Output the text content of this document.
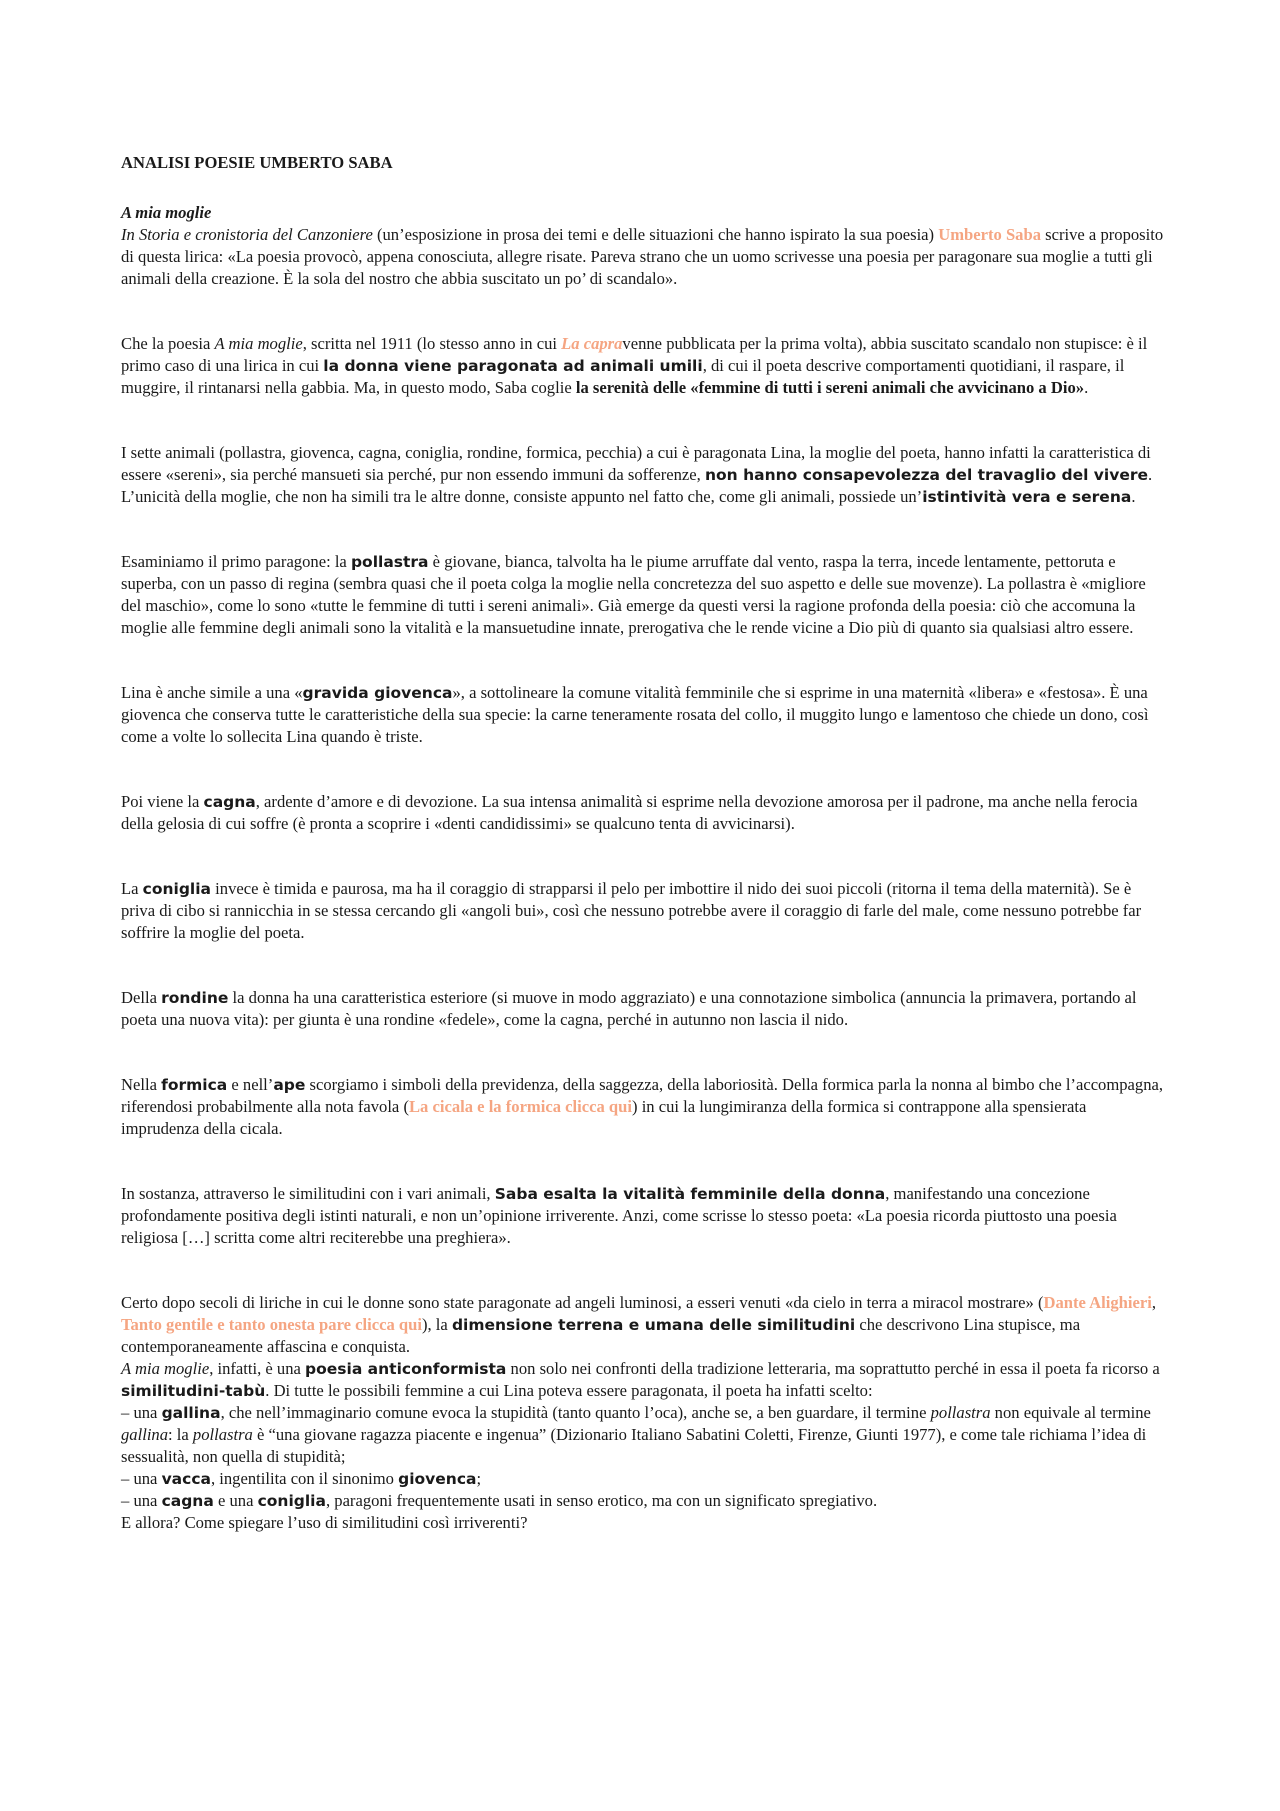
ANALISI POESIE UMBERTO SABA

A mia moglie

In Storia e cronistoria del Canzoniere (un’esposizione in prosa dei temi e delle situazioni che hanno ispirato la sua poesia) Umberto Saba scrive a proposito di questa lirica: «La poesia provocò, appena conosciuta, allegre risate. Pareva strano che un uomo scrivesse una poesia per paragonare sua moglie a tutti gli animali della creazione. È la sola del nostro che abbia suscitato un po’ di scandalo».

Che la poesia A mia moglie, scritta nel 1911 (lo stesso anno in cui La capravenne pubblicata per la prima volta), abbia suscitato scandalo non stupisce: è il primo caso di una lirica in cui la donna viene paragonata ad animali umili, di cui il poeta descrive comportamenti quotidiani, il raspare, il muggire, il rintanarsi nella gabbia. Ma, in questo modo, Saba coglie la serenità delle «femmine di tutti i sereni animali che avvicinano a Dio».

I sette animali (pollastra, giovenca, cagna, coniglia, rondine, formica, pecchia) a cui è paragonata Lina, la moglie del poeta, hanno infatti la caratteristica di essere «sereni», sia perché mansueti sia perché, pur non essendo immuni da sofferenze, non hanno consapevolezza del travaglio del vivere. L’unicità della moglie, che non ha simili tra le altre donne, consiste appunto nel fatto che, come gli animali, possiede un’istintività vera e serena.

Esaminiamo il primo paragone: la pollastra è giovane, bianca, talvolta ha le piume arruffate dal vento, raspa la terra, incede lentamente, pettoruta e superba, con un passo di regina (sembra quasi che il poeta colga la moglie nella concretezza del suo aspetto e delle sue movenze). La pollastra è «migliore del maschio», come lo sono «tutte le femmine di tutti i sereni animali». Già emerge da questi versi la ragione profonda della poesia: ciò che accomuna la moglie alle femmine degli animali sono la vitalità e la mansuetudine innate, prerogativa che le rende vicine a Dio più di quanto sia qualsiasi altro essere.

Lina è anche simile a una «gravida giovenca», a sottolineare la comune vitalità femminile che si esprime in una maternità «libera» e «festosa». È una giovenca che conserva tutte le caratteristiche della sua specie: la carne teneramente rosata del collo, il muggito lungo e lamentoso che chiede un dono, così come a volte lo sollecita Lina quando è triste.

Poi viene la cagna, ardente d’amore e di devozione. La sua intensa animalità si esprime nella devozione amorosa per il padrone, ma anche nella ferocia della gelosia di cui soffre (è pronta a scoprire i «denti candidissimi» se qualcuno tenta di avvicinarsi).

La coniglia invece è timida e paurosa, ma ha il coraggio di strapparsi il pelo per imbottire il nido dei suoi piccoli (ritorna il tema della maternità). Se è priva di cibo si rannicchia in se stessa cercando gli «angoli bui», così che nessuno potrebbe avere il coraggio di farle del male, come nessuno potrebbe far soffrire la moglie del poeta.

Della rondine la donna ha una caratteristica esteriore (si muove in modo aggraziato) e una connotazione simbolica (annuncia la primavera, portando al poeta una nuova vita): per giunta è una rondine «fedele», come la cagna, perché in autunno non lascia il nido.

Nella formica e nell’ape scorgiamo i simboli della previdenza, della saggezza, della laboriosità. Della formica parla la nonna al bimbo che l’accompagna, riferendosi probabilmente alla nota favola (La cicala e la formica clicca qui) in cui la lungimiranza della formica si contrappone alla spensierata imprudenza della cicala.

In sostanza, attraverso le similitudini con i vari animali, Saba esalta la vitalità femminile della donna, manifestando una concezione profondamente positiva degli istinti naturali, e non un’opinione irriverente. Anzi, come scrisse lo stesso poeta: «La poesia ricorda piuttosto una poesia religiosa […] scritta come altri reciterebbe una preghiera».

Certo dopo secoli di liriche in cui le donne sono state paragonate ad angeli luminosi, a esseri venuti «da cielo in terra a miracol mostrare» (Dante Alighieri, Tanto gentile e tanto onesta pare clicca qui), la dimensione terrena e umana delle similitudini che descrivono Lina stupisce, ma contemporaneamente affascina e conquista.

A mia moglie, infatti, è una poesia anticonformista non solo nei confronti della tradizione letteraria, ma soprattutto perché in essa il poeta fa ricorso a similitudini-tabù. Di tutte le possibili femmine a cui Lina poteva essere paragonata, il poeta ha infatti scelto:

– una gallina, che nell’immaginario comune evoca la stupidità (tanto quanto l’oca), anche se, a ben guardare, il termine pollastra non equivale al termine gallina: la pollastra è “una giovane ragazza piacente e ingenua” (Dizionario Italiano Sabatini Coletti, Firenze, Giunti 1977), e come tale richiama l’idea di sessualità, non quella di stupidità;

– una vacca, ingentilita con il sinonimo giovenca;

– una cagna e una coniglia, paragoni frequentemente usati in senso erotico, ma con un significato spregiativo.

E allora? Come spiegare l’uso di similitudini così irriverenti?
